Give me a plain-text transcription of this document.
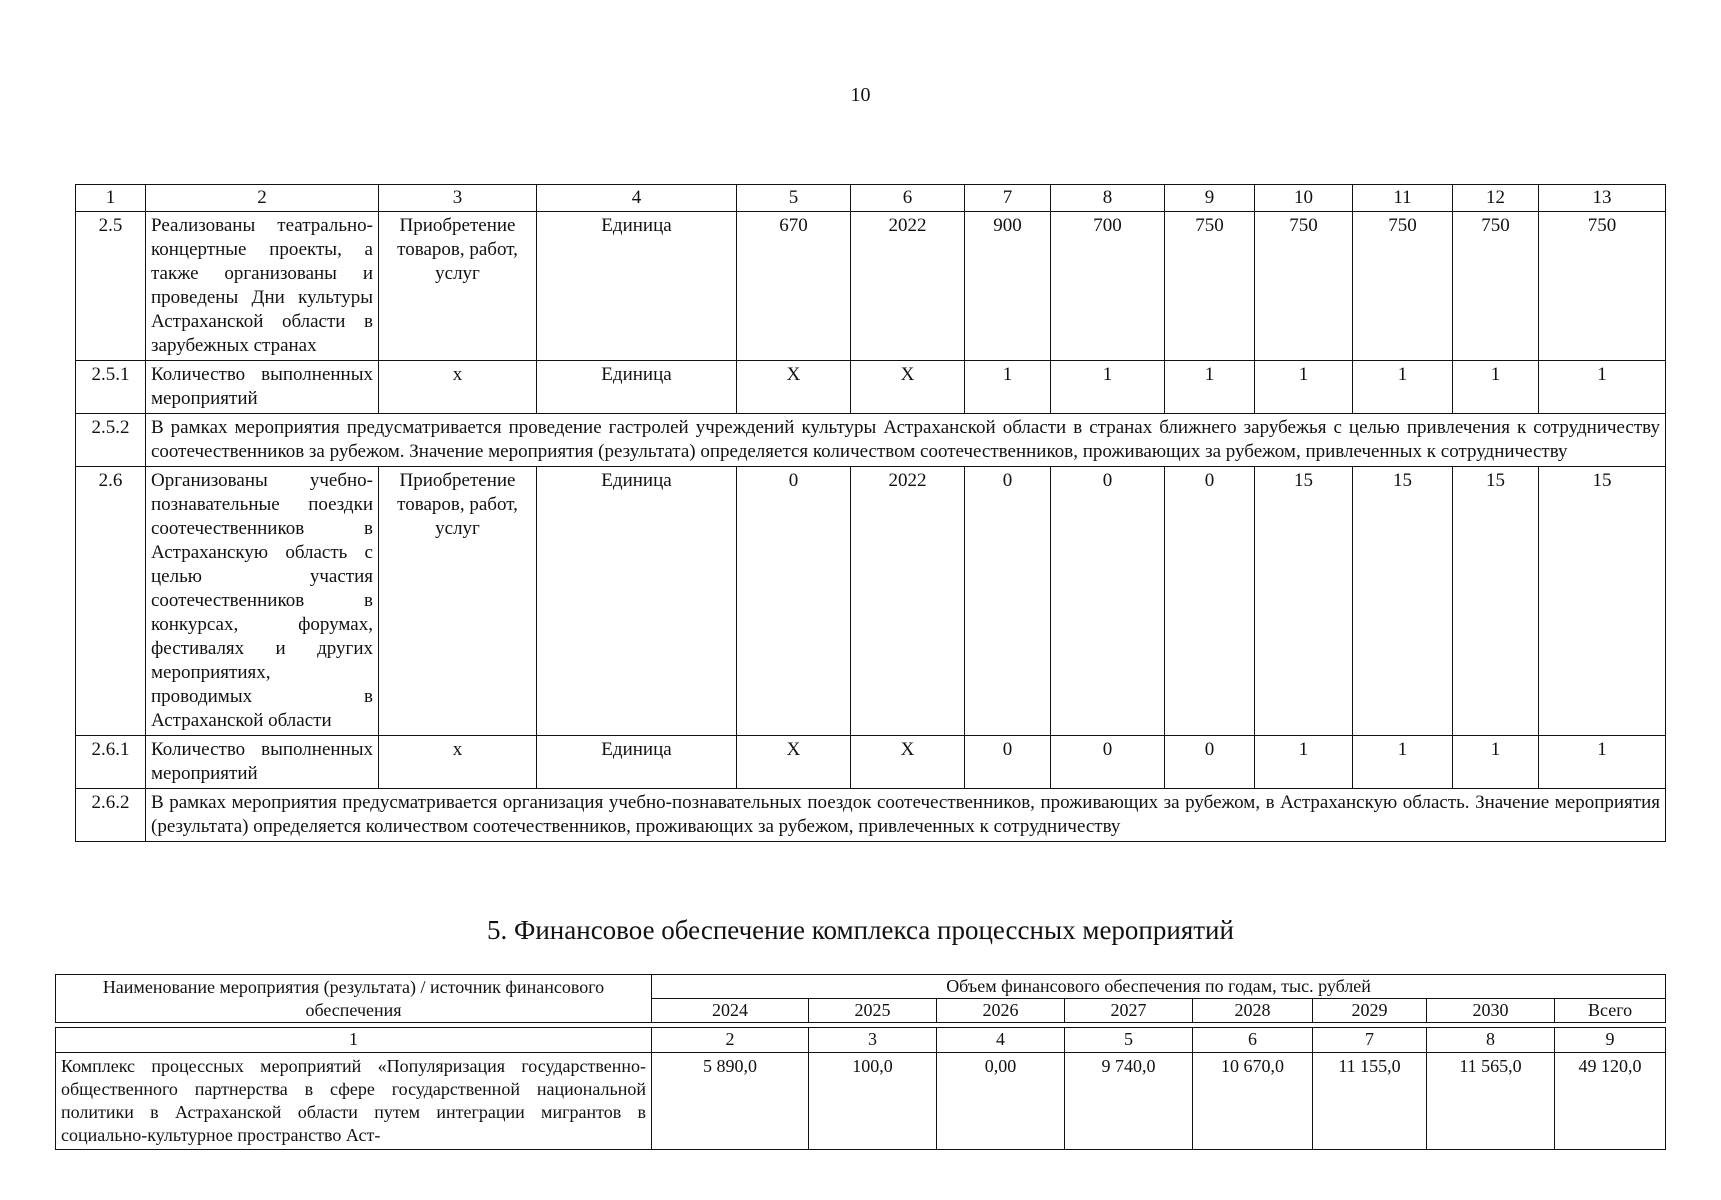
10
1	2	3	4	5	6	7	8	9	10	11	12	13
2.5	Реализованы театрально-концертные проекты, а также организованы и проведены Дни культуры Астраханской области в зарубежных странах	Приобретение товаров, работ, услуг	Единица	670	2022	900	700	750	750	750	750	750
2.5.1	Количество выполненных мероприятий	x	Единица	X	X	1	1	1	1	1	1	1
2.5.2	В рамках мероприятия предусматривается проведение гастролей учреждений культуры Астраханской области в странах ближнего зарубежья с целью привлечения к сотрудничеству соотечественников за рубежом. Значение мероприятия (результата) определяется количеством соотечественников, проживающих за рубежом, привлеченных к сотрудничеству											
2.6	Организованы учебно-познавательные поездки соотечественников в Астраханскую область с целью участия соотечественников в конкурсах, форумах, фестивалях и других мероприятиях, проводимых в Астраханской области	Приобретение товаров, работ, услуг	Единица	0	2022	0	0	0	15	15	15	15
2.6.1	Количество выполненных мероприятий	x	Единица	X	X	0	0	0	1	1	1	1
2.6.2	В рамках мероприятия предусматривается организация учебно-познавательных поездок соотечественников, проживающих за рубежом, в Астраханскую область. Значение мероприятия (результата) определяется количеством соотечественников, проживающих за рубежом, привлеченных к сотрудничеству											
5. Финансовое обеспечение комплекса процессных мероприятий
Наименование мероприятия (результата) / источник финансового обеспечения	Объем финансового обеспечения по годам, тыс. рублей							
	2024	2025	2026	2027	2028	2029	2030	Всего

1	2	3	4	5	6	7	8	9
Комплекс процессных мероприятий «Популяризация государственно-общественного партнерства в сфере государственной национальной политики в Астраханской области путем интеграции мигрантов в социально-культурное пространство Аст-	5 890,0	100,0	0,00	9 740,0	10 670,0	11 155,0	11 565,0	49 120,0
